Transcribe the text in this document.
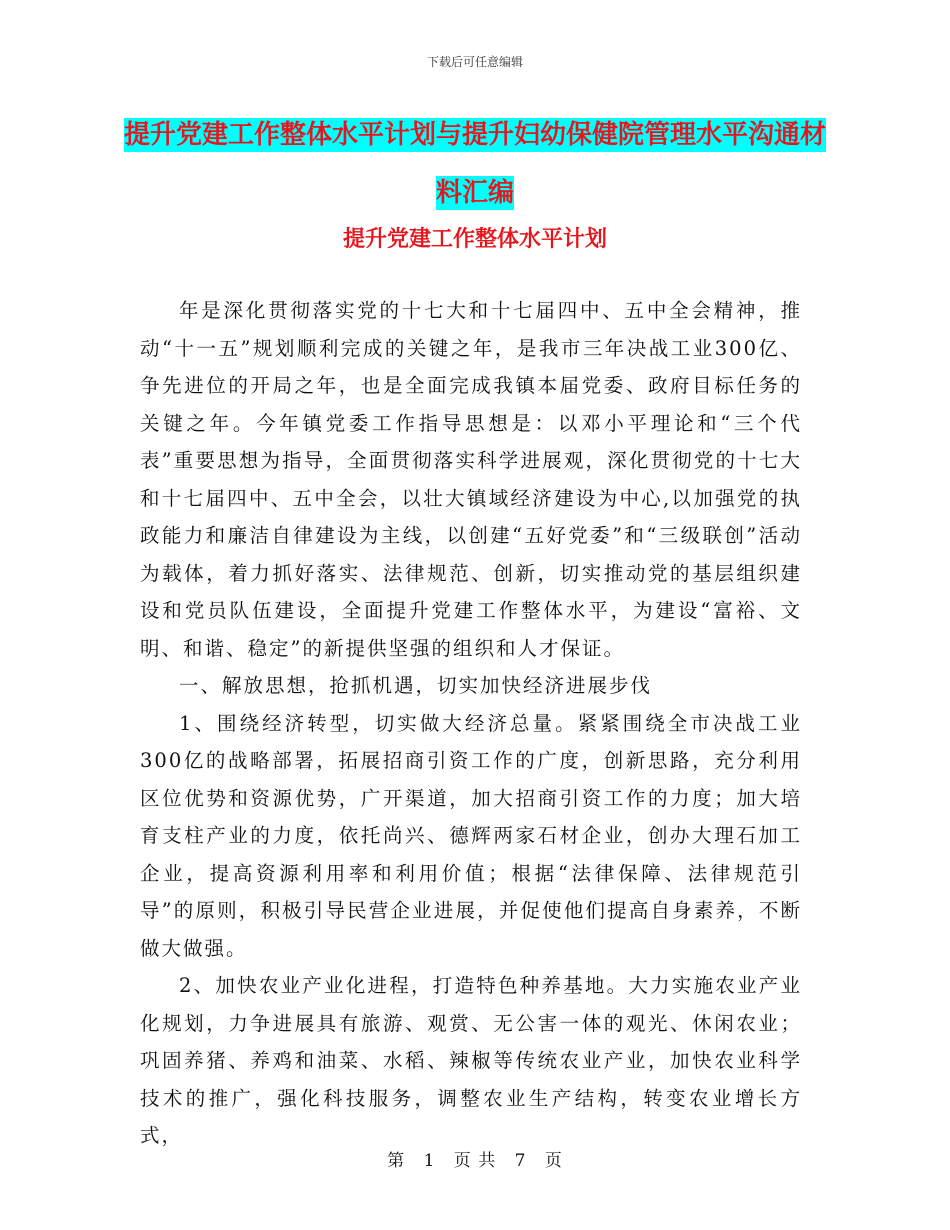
下载后可任意编辑
提升党建工作整体水平计划与提升妇幼保健院管理水平沟通材料汇编
提升党建工作整体水平计划

年是深化贯彻落实党的十七大和十七届四中、五中全会精神，推动“十一五”规划顺利完成的关键之年，是我市三年决战工业300亿、争先进位的开局之年，也是全面完成我镇本届党委、政府目标任务的关键之年。今年镇党委工作指导思想是：以邓小平理论和“三个代表”重要思想为指导，全面贯彻落实科学进展观，深化贯彻党的十七大和十七届四中、五中全会，以壮大镇域经济建设为中心,以加强党的执政能力和廉洁自律建设为主线，以创建“五好党委”和“三级联创”活动为载体，着力抓好落实、法律规范、创新，切实推动党的基层组织建设和党员队伍建设，全面提升党建工作整体水平，为建设“富裕、文明、和谐、稳定”的新提供坚强的组织和人才保证。

一、解放思想，抢抓机遇，切实加快经济进展步伐

1、围绕经济转型，切实做大经济总量。紧紧围绕全市决战工业300亿的战略部署，拓展招商引资工作的广度，创新思路，充分利用区位优势和资源优势，广开渠道，加大招商引资工作的力度；加大培育支柱产业的力度，依托尚兴、德辉两家石材企业，创办大理石加工企业，提高资源利用率和利用价值；根据“法律保障、法律规范引导”的原则，积极引导民营企业进展，并促使他们提高自身素养，不断做大做强。

2、加快农业产业化进程，打造特色种养基地。大力实施农业产业化规划，力争进展具有旅游、观赏、无公害一体的观光、休闲农业；巩固养猪、养鸡和油菜、水稻、辣椒等传统农业产业，加快农业科学技术的推广，强化科技服务，调整农业生产结构，转变农业增长方式，

第 1 页 共 7 页
